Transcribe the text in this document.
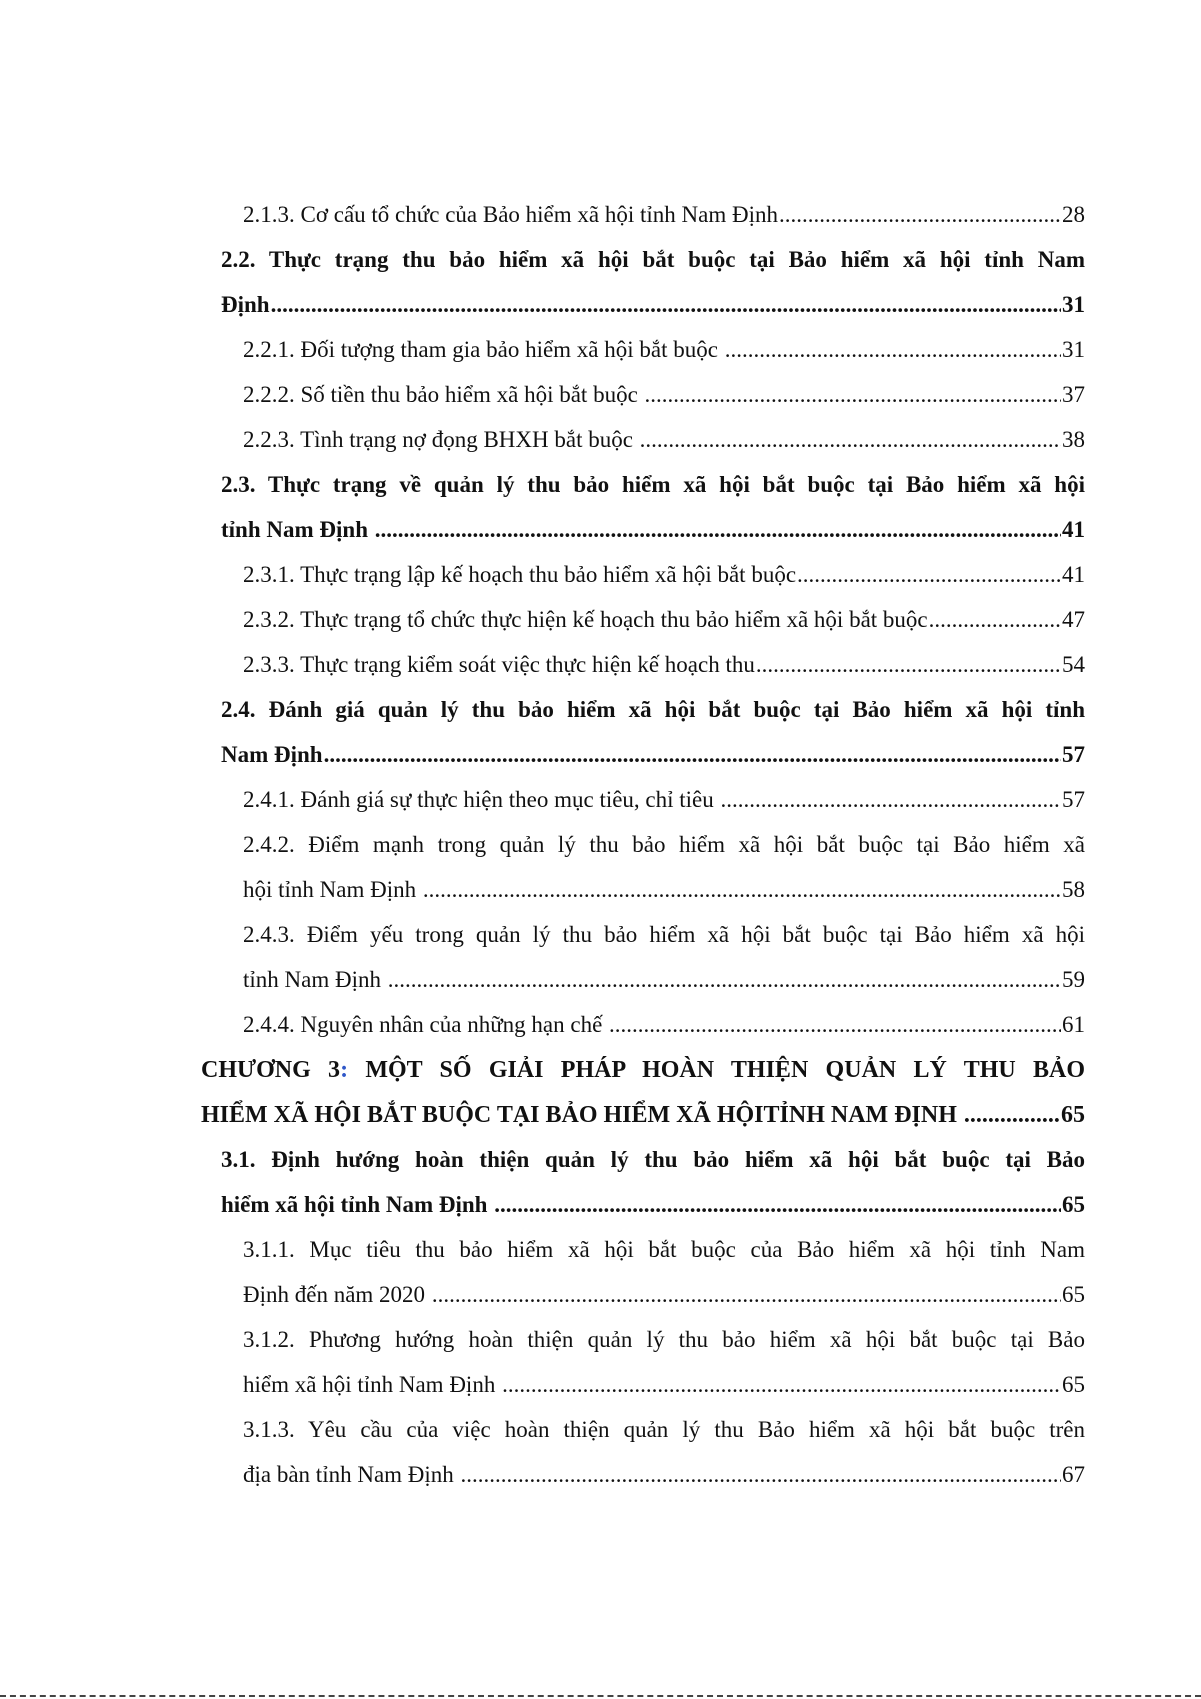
2.1.3. Cơ cấu tổ chức của Bảo hiểm xã hội tỉnh Nam Định .....	28
2.2. Thực trạng thu bảo hiểm xã hội bắt buộc tại Bảo hiểm xã hội tỉnh Nam
Định .....	31
2.2.1. Đối tượng tham gia bảo hiểm xã hội bắt buộc .....	31
2.2.2. Số tiền thu bảo hiểm xã hội bắt buộc .....	37
2.2.3. Tình trạng nợ đọng BHXH bắt buộc .....	38
2.3. Thực trạng về quản lý thu bảo hiểm xã hội bắt buộc tại Bảo hiểm xã hội
tỉnh Nam Định .....	41
2.3.1. Thực trạng lập kế hoạch thu bảo hiểm xã hội bắt buộc .....	41
2.3.2. Thực trạng tổ chức thực hiện kế hoạch thu bảo hiểm xã hội bắt buộc .....	47
2.3.3. Thực trạng kiểm soát việc thực hiện kế hoạch thu .....	54
2.4. Đánh giá quản lý thu bảo hiểm xã hội bắt buộc tại Bảo hiểm xã hội tỉnh
Nam Định .....	57
2.4.1. Đánh giá sự thực hiện theo mục tiêu, chỉ tiêu .....	57
2.4.2. Điểm mạnh trong quản lý thu bảo hiểm xã hội bắt buộc tại Bảo hiểm xã
hội tỉnh Nam Định .....	58
2.4.3. Điểm yếu trong quản lý thu bảo hiểm xã hội bắt buộc tại Bảo hiểm xã hội
tỉnh Nam Định .....	59
2.4.4. Nguyên nhân của những hạn chế .....	61
CHƯƠNG 3: MỘT SỐ GIẢI PHÁP HOÀN THIỆN QUẢN LÝ THU BẢO
HIỂM XÃ HỘI BẮT BUỘC TẠI BẢO HIỂM XÃ HỘITỈNH NAM ĐỊNH .....	65
3.1. Định hướng hoàn thiện quản lý thu bảo hiểm xã hội bắt buộc tại Bảo
hiểm xã hội tỉnh Nam Định .....	65
3.1.1. Mục tiêu thu bảo hiểm xã hội bắt buộc của Bảo hiểm xã hội tỉnh Nam
Định đến năm 2020 .....	65
3.1.2. Phương hướng hoàn thiện quản lý thu bảo hiểm xã hội bắt buộc tại Bảo
hiểm xã hội tỉnh Nam Định .....	65
3.1.3. Yêu cầu của việc hoàn thiện quản lý thu Bảo hiểm xã hội bắt buộc trên
địa bàn tỉnh Nam Định .....	67
